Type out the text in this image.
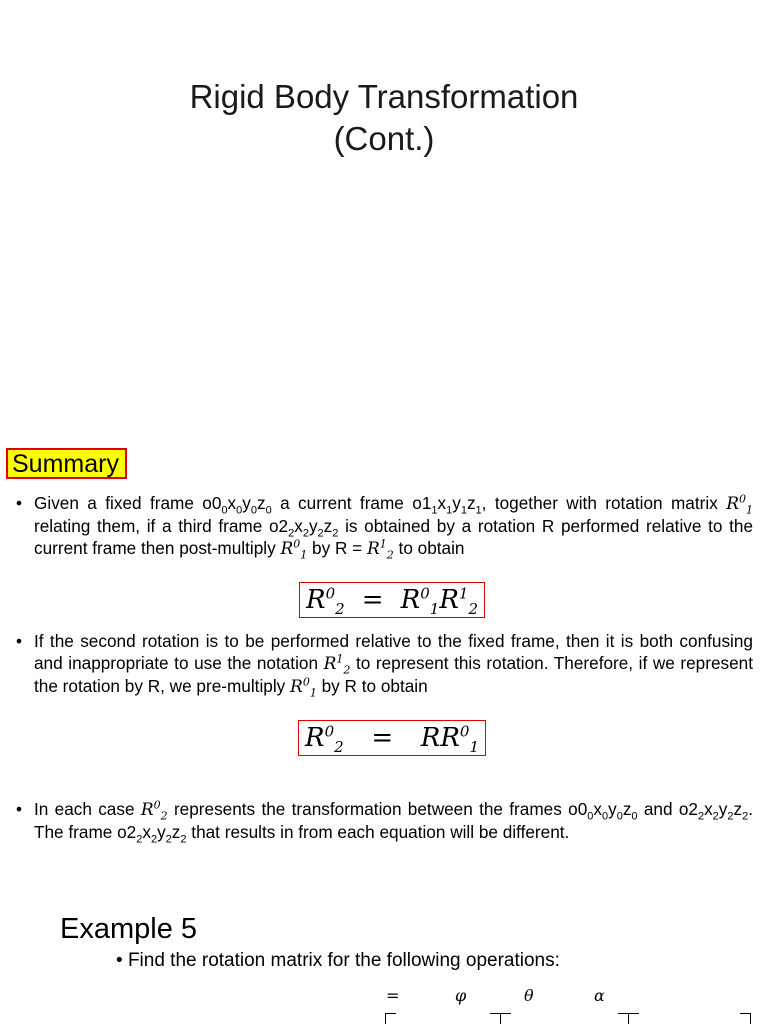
Rigid Body Transformation
(Cont.)
Summary
• Given a fixed frame $o0_0x_0y_0z_0$ a current frame $o1_1x_1y_1z_1$, together with rotation matrix $R^0_1$ relating them, if a third frame $o2_2x_2y_2z_2$ is obtained by a rotation R performed relative to the current frame then post-multiply $R^0_1$ by $R = R^1_2$ to obtain
$R^0_2 = R^0_1R^1_2$
• If the second rotation is to be performed relative to the fixed frame, then it is both confusing and inappropriate to use the notation $R^1_2$ to represent this rotation. Therefore, if we represent the rotation by R, we pre-multiply $R^0_1$ by R to obtain
$R^0_2 = RR^0_1$
• In each case $R^0_2$ represents the transformation between the frames $o0_0x_0y_0z_0$ and $o2_2x_2y_2z_2$. The frame $o2_2x_2y_2z_2$ that results in from each equation will be different.
Example 5
• Find the rotation matrix for the following operations:
=	φ	θ	α
